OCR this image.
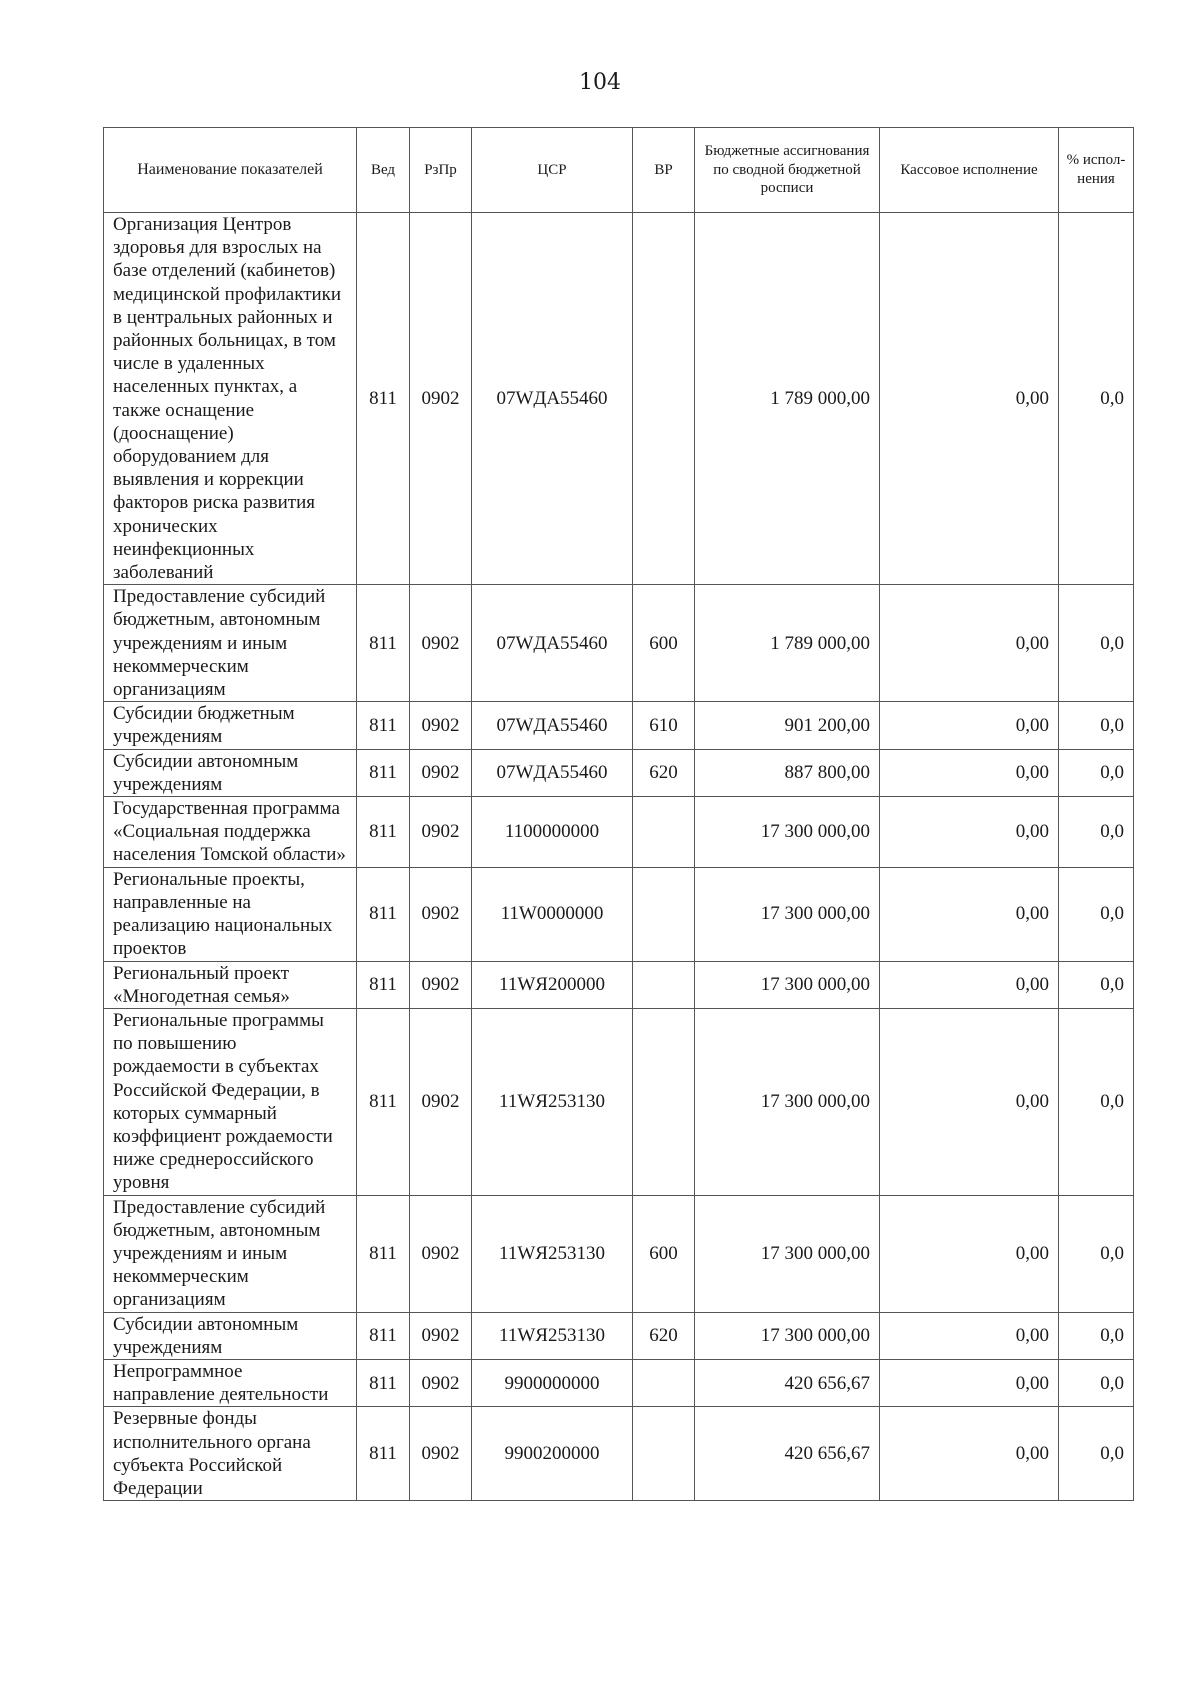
104
Наименование показателей	Вед	РзПр	ЦСР	ВР	Бюджетные ассигнования по сводной бюджетной росписи	Кассовое исполнение	% испол-нения
Организация Центров здоровья для взрослых на базе отделений (кабинетов) медицинской профилактики в центральных районных и районных больницах, в том числе в удаленных населенных пунктах, а также оснащение (дооснащение) оборудованием для выявления и коррекции факторов риска развития хронических неинфекционных заболеваний	811	0902	07WДА55460		1 789 000,00	0,00	0,0
Предоставление субсидий бюджетным, автономным учреждениям и иным некоммерческим организациям	811	0902	07WДА55460	600	1 789 000,00	0,00	0,0
Субсидии бюджетным учреждениям	811	0902	07WДА55460	610	901 200,00	0,00	0,0
Субсидии автономным учреждениям	811	0902	07WДА55460	620	887 800,00	0,00	0,0
Государственная программа «Социальная поддержка населения Томской области»	811	0902	1100000000		17 300 000,00	0,00	0,0
Региональные проекты, направленные на реализацию национальных проектов	811	0902	11W0000000		17 300 000,00	0,00	0,0
Региональный проект «Многодетная семья»	811	0902	11WЯ200000		17 300 000,00	0,00	0,0
Региональные программы по повышению рождаемости в субъектах Российской Федерации, в которых суммарный коэффициент рождаемости ниже среднероссийского уровня	811	0902	11WЯ253130		17 300 000,00	0,00	0,0
Предоставление субсидий бюджетным, автономным учреждениям и иным некоммерческим организациям	811	0902	11WЯ253130	600	17 300 000,00	0,00	0,0
Субсидии автономным учреждениям	811	0902	11WЯ253130	620	17 300 000,00	0,00	0,0
Непрограммное направление деятельности	811	0902	9900000000		420 656,67	0,00	0,0
Резервные фонды исполнительного органа субъекта Российской Федерации	811	0902	9900200000		420 656,67	0,00	0,0
